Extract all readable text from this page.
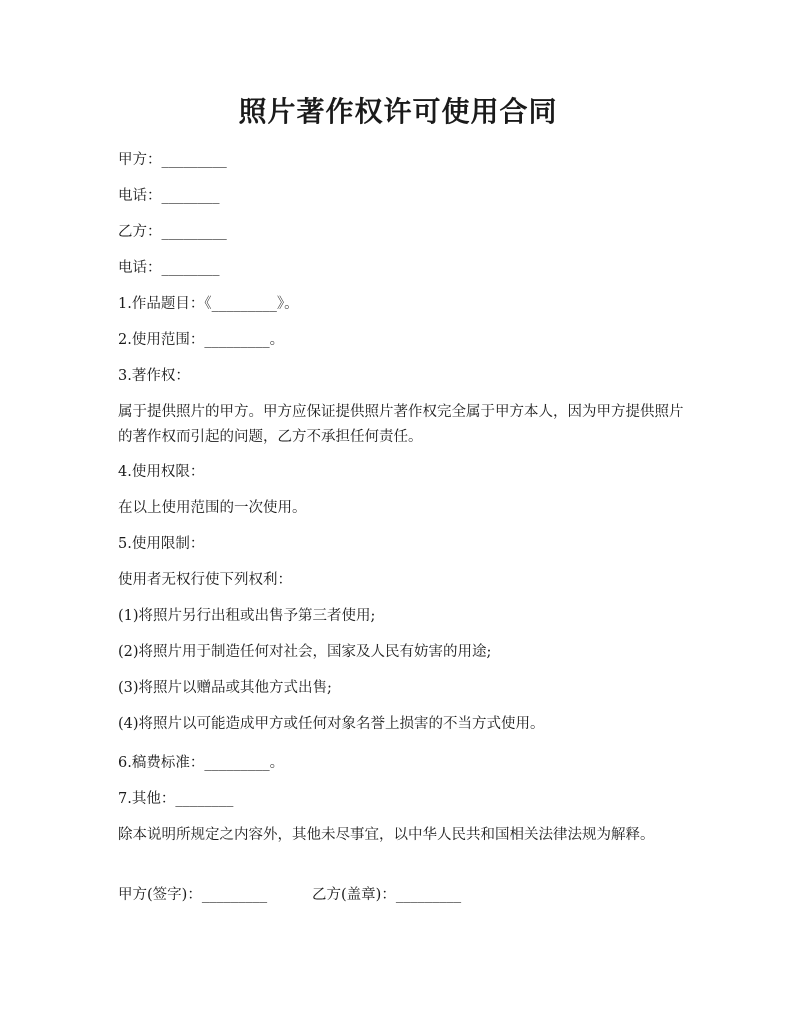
照片著作权许可使用合同
甲方：_________
电话：________
乙方：_________
电话：________
1.作品题目：《_________》。
2.使用范围：_________。
3.著作权：
属于提供照片的甲方。甲方应保证提供照片著作权完全属于甲方本人，因为甲方提供照片的著作权而引起的问题，乙方不承担任何责任。
4.使用权限：
在以上使用范围的一次使用。
5.使用限制：
使用者无权行使下列权利：
(1)将照片另行出租或出售予第三者使用;
(2)将照片用于制造任何对社会，国家及人民有妨害的用途;
(3)将照片以赠品或其他方式出售;
(4)将照片以可能造成甲方或任何对象名誉上损害的不当方式使用。
6.稿费标准：_________。
7.其他：________
除本说明所规定之内容外，其他未尽事宜，以中华人民共和国相关法律法规为解释。
甲方(签字)：_________	乙方(盖章)：_________
